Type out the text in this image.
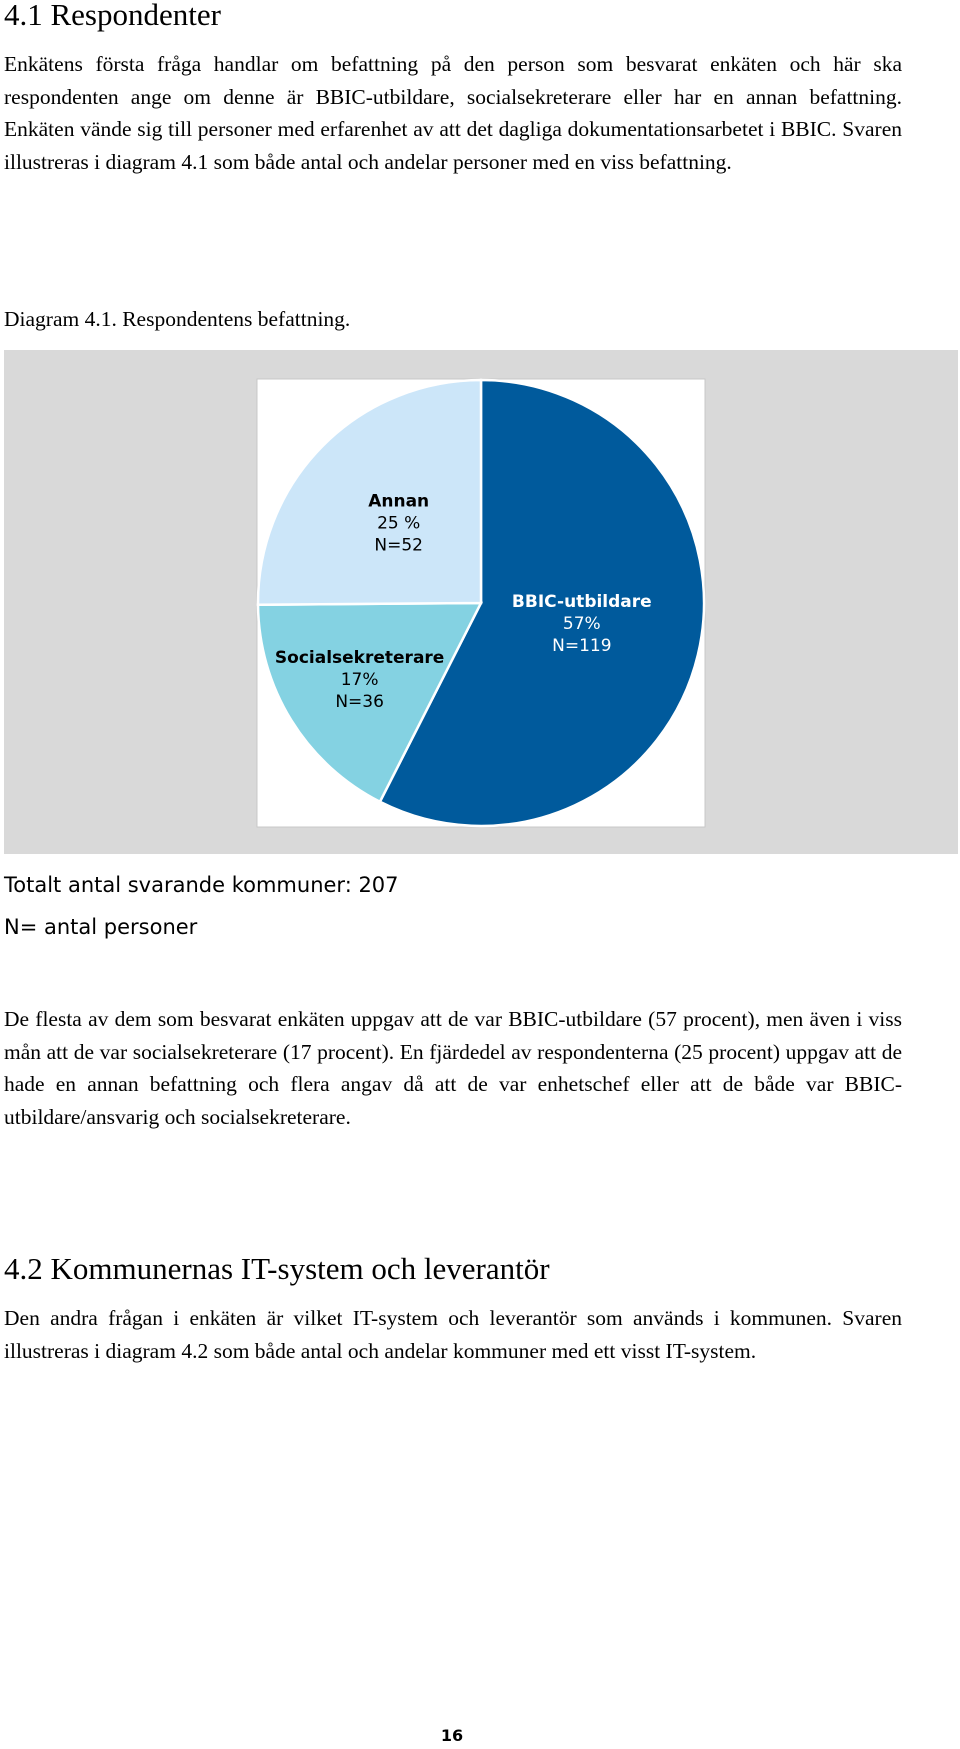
4.1 Respondenter

Enkätens första fråga handlar om befattning på den person som besvarat enkäten och här ska respondenten ange om denne är BBIC-utbildare, socialsekreterare eller har en annan befattning. Enkäten vände sig till personer med erfarenhet av att det dagliga dokumentationsarbetet i BBIC. Svaren illustreras i diagram 4.1 som både antal och andelar personer med en viss befattning.

Diagram 4.1. Respondentens befattning.

BBIC-utbildare
57%
N=119
Socialsekreterare
17%
N=36
Annan
25 %
N=52

Totalt antal svarande kommuner: 207

N= antal personer

De flesta av dem som besvarat enkäten uppgav att de var BBIC-utbildare (57 procent), men även i viss mån att de var socialsekreterare (17 procent). En fjärdedel av respondenterna (25 procent) uppgav att de hade en annan befattning och flera angav då att de var enhetschef eller att de både var BBIC-utbildare/ansvarig och socialsekreterare.

4.2 Kommunernas IT-system och leverantör

Den andra frågan i enkäten är vilket IT-system och leverantör som används i kommunen. Svaren illustreras i diagram 4.2 som både antal och andelar kommuner med ett visst IT-system.

16
